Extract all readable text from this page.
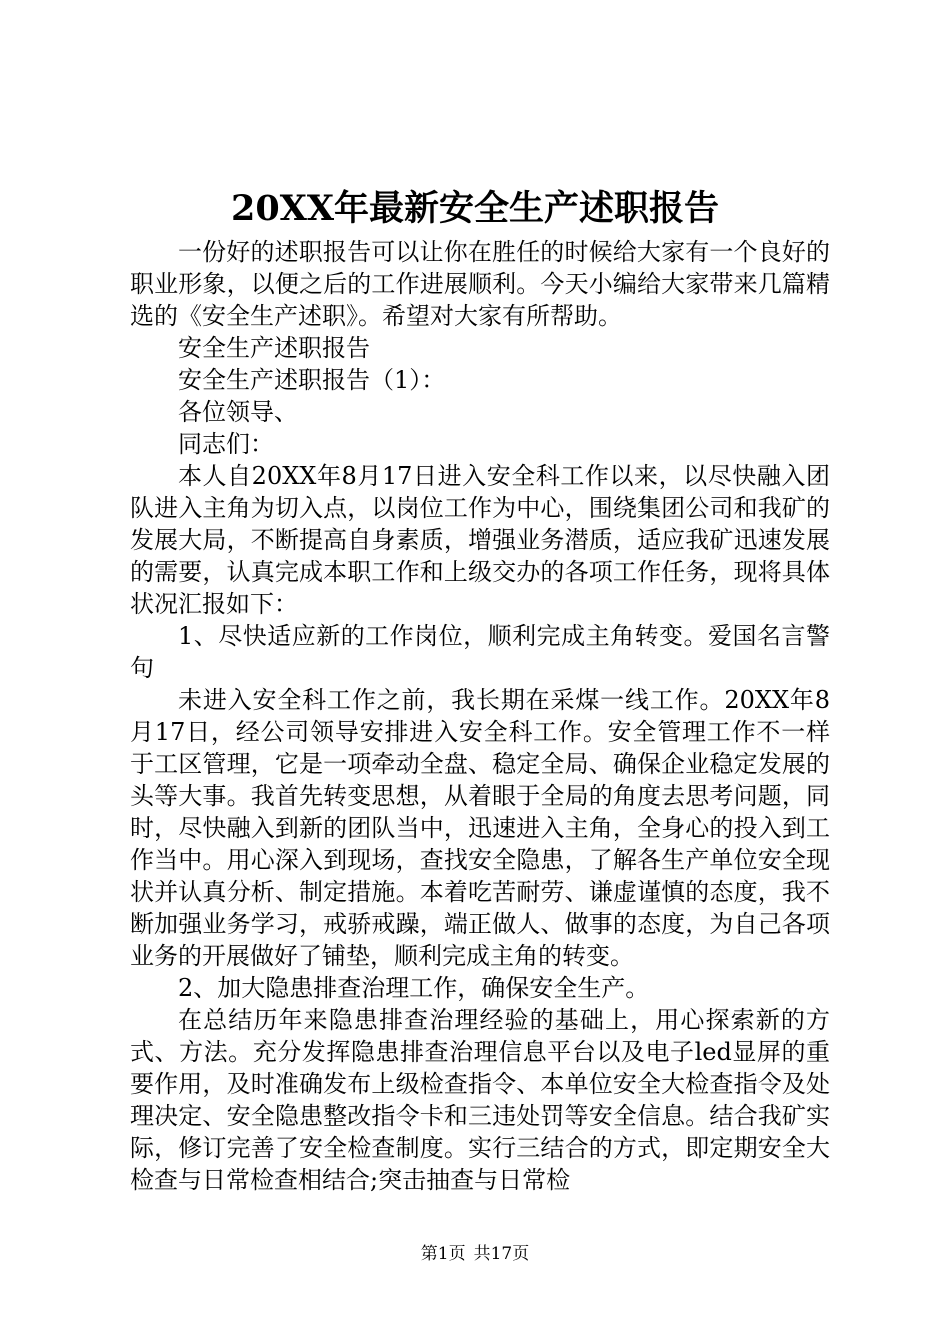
20XX年最新安全生产述职报告

一份好的述职报告可以让你在胜任的时候给大家有一个良好的职业形象，以便之后的工作进展顺利。今天小编给大家带来几篇精选的《安全生产述职》。希望对大家有所帮助。

安全生产述职报告

安全生产述职报告（1）：

各位领导、

同志们：

本人自20XX年8月17日进入安全科工作以来，以尽快融入团队进入主角为切入点，以岗位工作为中心，围绕集团公司和我矿的发展大局，不断提高自身素质，增强业务潜质，适应我矿迅速发展的需要，认真完成本职工作和上级交办的各项工作任务，现将具体状况汇报如下：

1、尽快适应新的工作岗位，顺利完成主角转变。爱国名言警句

未进入安全科工作之前，我长期在采煤一线工作。20XX年8月17日，经公司领导安排进入安全科工作。安全管理工作不一样于工区管理，它是一项牵动全盘、稳定全局、确保企业稳定发展的头等大事。我首先转变思想，从着眼于全局的角度去思考问题，同时，尽快融入到新的团队当中，迅速进入主角，全身心的投入到工作当中。用心深入到现场，查找安全隐患，了解各生产单位安全现状并认真分析、制定措施。本着吃苦耐劳、谦虚谨慎的态度，我不断加强业务学习，戒骄戒躁，端正做人、做事的态度，为自己各项业务的开展做好了铺垫，顺利完成主角的转变。

2、加大隐患排查治理工作，确保安全生产。

在总结历年来隐患排查治理经验的基础上，用心探索新的方式、方法。充分发挥隐患排查治理信息平台以及电子led显屏的重要作用，及时准确发布上级检查指令、本单位安全大检查指令及处理决定、安全隐患整改指令卡和三违处罚等安全信息。结合我矿实际，修订完善了安全检查制度。实行三结合的方式，即定期安全大检查与日常检查相结合;突击抽查与日常检

第1页 共17页
